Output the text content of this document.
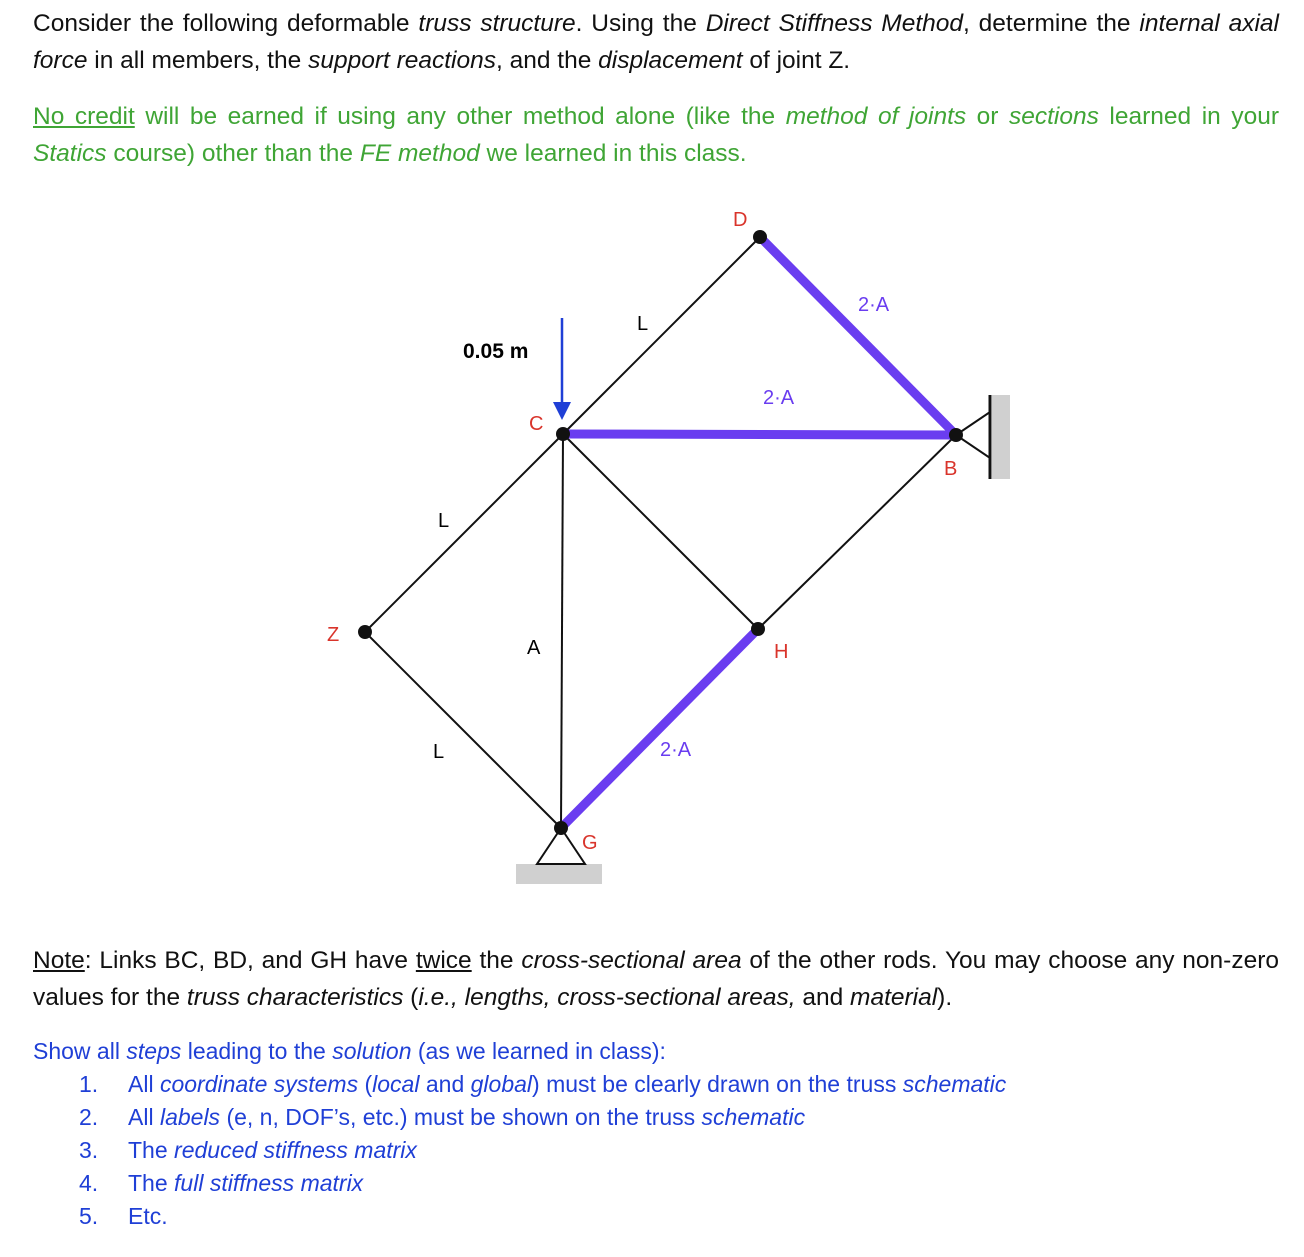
Consider the following deformable truss structure. Using the Direct Stiffness Method, determine the internal axial force in all members, the support reactions, and the displacement of joint Z.
No credit will be earned if using any other method alone (like the method of joints or sections learned in your Statics course) other than the FE method we learned in this class.
D
C
B
Z
A	H
G
L
L
L
2·A
2·A
2·A
0.05 m
Note: Links BC, BD, and GH have twice the cross-sectional area of the other rods. You may choose any non-zero values for the truss characteristics (i.e., lengths, cross-sectional areas, and material).
Show all steps leading to the solution (as we learned in class):
1. All coordinate systems (local and global) must be clearly drawn on the truss schematic
2. All labels (e, n, DOF’s, etc.) must be shown on the truss schematic
3. The reduced stiffness matrix
4. The full stiffness matrix
5. Etc.
